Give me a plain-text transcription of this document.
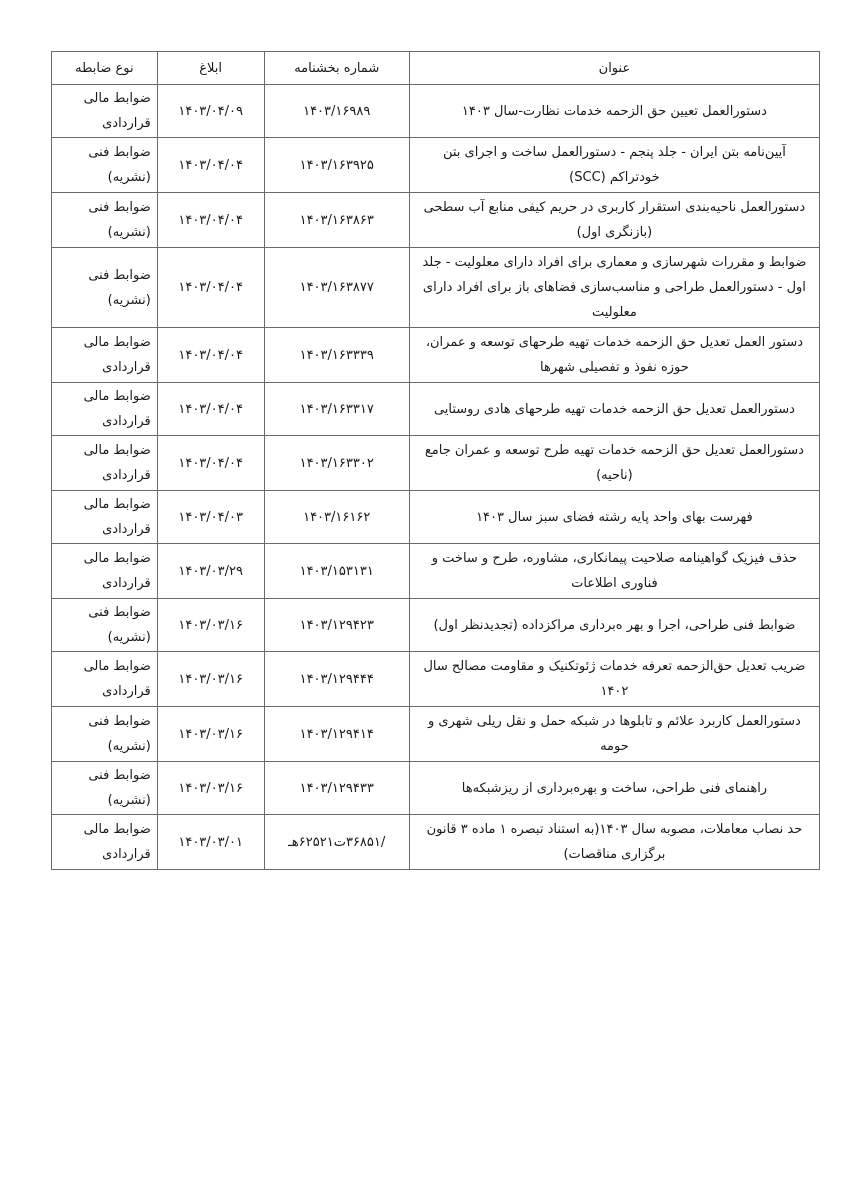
عنوان	شماره بخشنامه	ابلاغ	نوع ضابطه
دستورالعمل تعیین حق الزحمه خدمات نظارت-سال ۱۴۰۳	۱۴۰۳/۱۶۹۸۹	۱۴۰۳/۰۴/۰۹	ضوابط مالی قراردادی
آیین‌نامه بتن ایران - جلد پنجم - دستورالعمل ساخت و اجرای بتن خودتراکم (SCC)	۱۴۰۳/۱۶۳۹۲۵	۱۴۰۳/۰۴/۰۴	ضوابط فنی (نشریه)
دستورالعمل ناحیه‌بندی استقرار کاربری در حریم کیفی منابع آب سطحی (بازنگری اول)	۱۴۰۳/۱۶۳۸۶۳	۱۴۰۳/۰۴/۰۴	ضوابط فنی (نشریه)
ضوابط و مقررات شهرسازی و معماری برای افراد دارای معلولیت - جلد اول - دستورالعمل طراحی و مناسب‌سازی فضاهای باز برای افراد دارای معلولیت	۱۴۰۳/۱۶۳۸۷۷	۱۴۰۳/۰۴/۰۴	ضوابط فنی (نشریه)
دستور العمل تعدیل حق الزحمه خدمات تهیه طرحهای توسعه و عمران، حوزه نفوذ و تفصیلی شهرها	۱۴۰۳/۱۶۳۳۳۹	۱۴۰۳/۰۴/۰۴	ضوابط مالی قراردادی
دستورالعمل تعدیل حق الزحمه خدمات تهیه طرحهای هادی روستایی	۱۴۰۳/۱۶۳۳۱۷	۱۴۰۳/۰۴/۰۴	ضوابط مالی قراردادی
دستورالعمل تعدیل حق الزحمه خدمات تهیه طرح توسعه و عمران جامع (ناحیه)	۱۴۰۳/۱۶۳۳۰۲	۱۴۰۳/۰۴/۰۴	ضوابط مالی قراردادی
فهرست بهای واحد پایه رشته فضای سبز سال ۱۴۰۳	۱۴۰۳/۱۶۱۶۲	۱۴۰۳/۰۴/۰۳	ضوابط مالی قراردادی
حذف فیزیک گواهینامه صلاحیت پیمانکاری، مشاوره، طرح و ساخت و فناوری اطلاعات	۱۴۰۳/۱۵۳۱۳۱	۱۴۰۳/۰۳/۲۹	ضوابط مالی قراردادی
ضوابط فنی طراحی، اجرا و بهر ه‌برداری مراکزداده (تجدیدنظر اول)	۱۴۰۳/۱۲۹۴۲۳	۱۴۰۳/۰۳/۱۶	ضوابط فنی (نشریه)
ضریب تعدیل حق‌الزحمه تعرفه خدمات ژئوتکنیک و مقاومت مصالح سال ۱۴۰۲	۱۴۰۳/۱۲۹۴۴۴	۱۴۰۳/۰۳/۱۶	ضوابط مالی قراردادی
دستورالعمل کاربرد علائم و تابلوها در شبکه حمل و نقل ریلی شهری و حومه	۱۴۰۳/۱۲۹۴۱۴	۱۴۰۳/۰۳/۱۶	ضوابط فنی (نشریه)
راهنمای فنی طراحی، ساخت و بهره‌برداری از ریزشبکه‌ها	۱۴۰۳/۱۲۹۴۳۳	۱۴۰۳/۰۳/۱۶	ضوابط فنی (نشریه)
حد نصاب معاملات، مصوبه سال ۱۴۰۳(به استناد تبصره ۱ ماده ۳ قانون برگزاری مناقصات)	/۳۶۸۵۱ت۶۲۵۲۱هـ	۱۴۰۳/۰۳/۰۱	ضوابط مالی قراردادی
